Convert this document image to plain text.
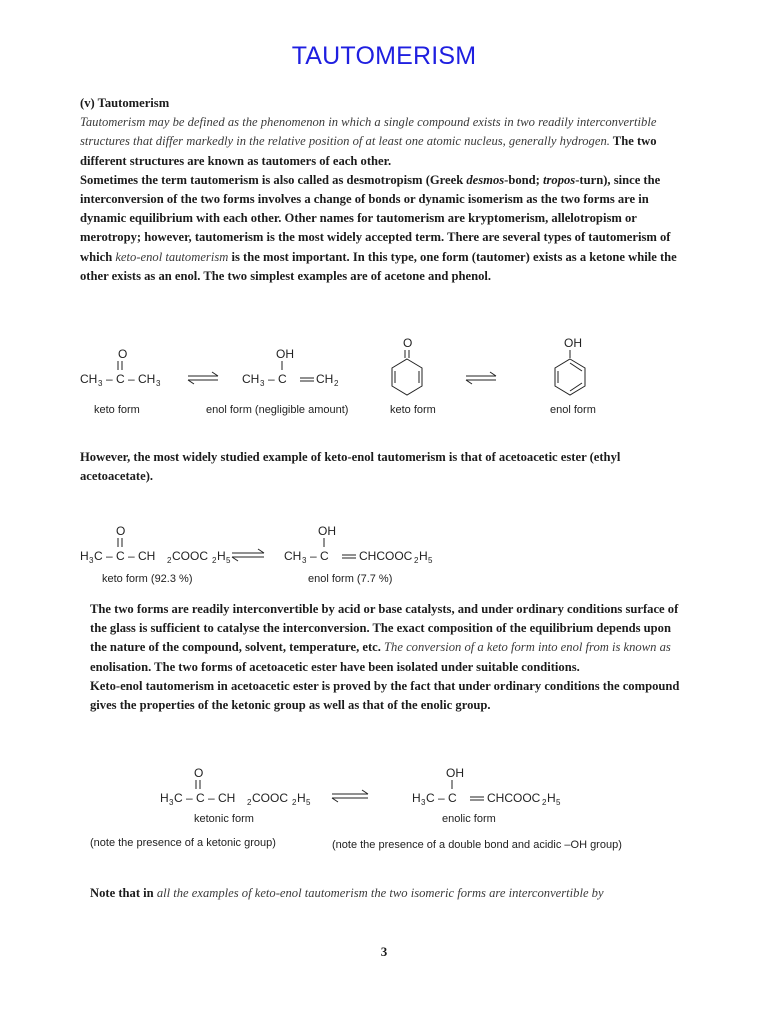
TAUTOMERISM
(v) Tautomerism
Tautomerism may be defined as the phenomenon in which a single compound exists in two readily interconvertible structures that differ markedly in the relative position of at least one atomic nucleus, generally hydrogen. The two different structures are known as tautomers of each other.
Sometimes the term tautomerism is also called as desmotropism (Greek desmos-bond; tropos-turn), since the interconversion of the two forms involves a change of bonds or dynamic isomerism as the two forms are in dynamic equilibrium with each other. Other names for tautomerism are kryptomerism, allelotropism or merotropy; however, tautomerism is the most widely accepted term. There are several types of tautomerism of which keto-enol tautomerism is the most important. In this type, one form (tautomer) exists as a ketone while the other exists as an enol. The two simplest examples are of acetone and phenol.
O
CH 3 – C – CH 3
OH
CH 3 – C CH 2
O	OH
keto form	enol form (negligible amount)	keto form	enol form
However, the most widely studied example of keto-enol tautomerism is that of acetoacetic ester (ethyl acetoacetate).
O
H 3 C – C – CH 2 COOC 2 H 5
OH
CH 3 – C	CHCOOC 2 H 5
keto form (92.3 %)	enol form (7.7 %)
The two forms are readily interconvertible by acid or base catalysts, and under ordinary conditions surface of the glass is sufficient to catalyse the interconversion. The exact composition of the equilibrium depends upon the nature of the compound, solvent, temperature, etc. The conversion of a keto form into enol from is known as enolisation. The two forms of acetoacetic ester have been isolated under suitable conditions.
Keto-enol tautomerism in acetoacetic ester is proved by the fact that under ordinary conditions the compound gives the properties of the ketonic group as well as that of the enolic group.
O
H 3 C – C – CH 2 COOC 2 H 5
OH
H 3 C – C	CHCOOC 2 H 5
ketonic form	enolic form
(note the presence of a ketonic group)	(note the presence of a double bond and acidic –OH group)
Note that in all the examples of keto-enol tautomerism the two isomeric forms are interconvertible by
3
